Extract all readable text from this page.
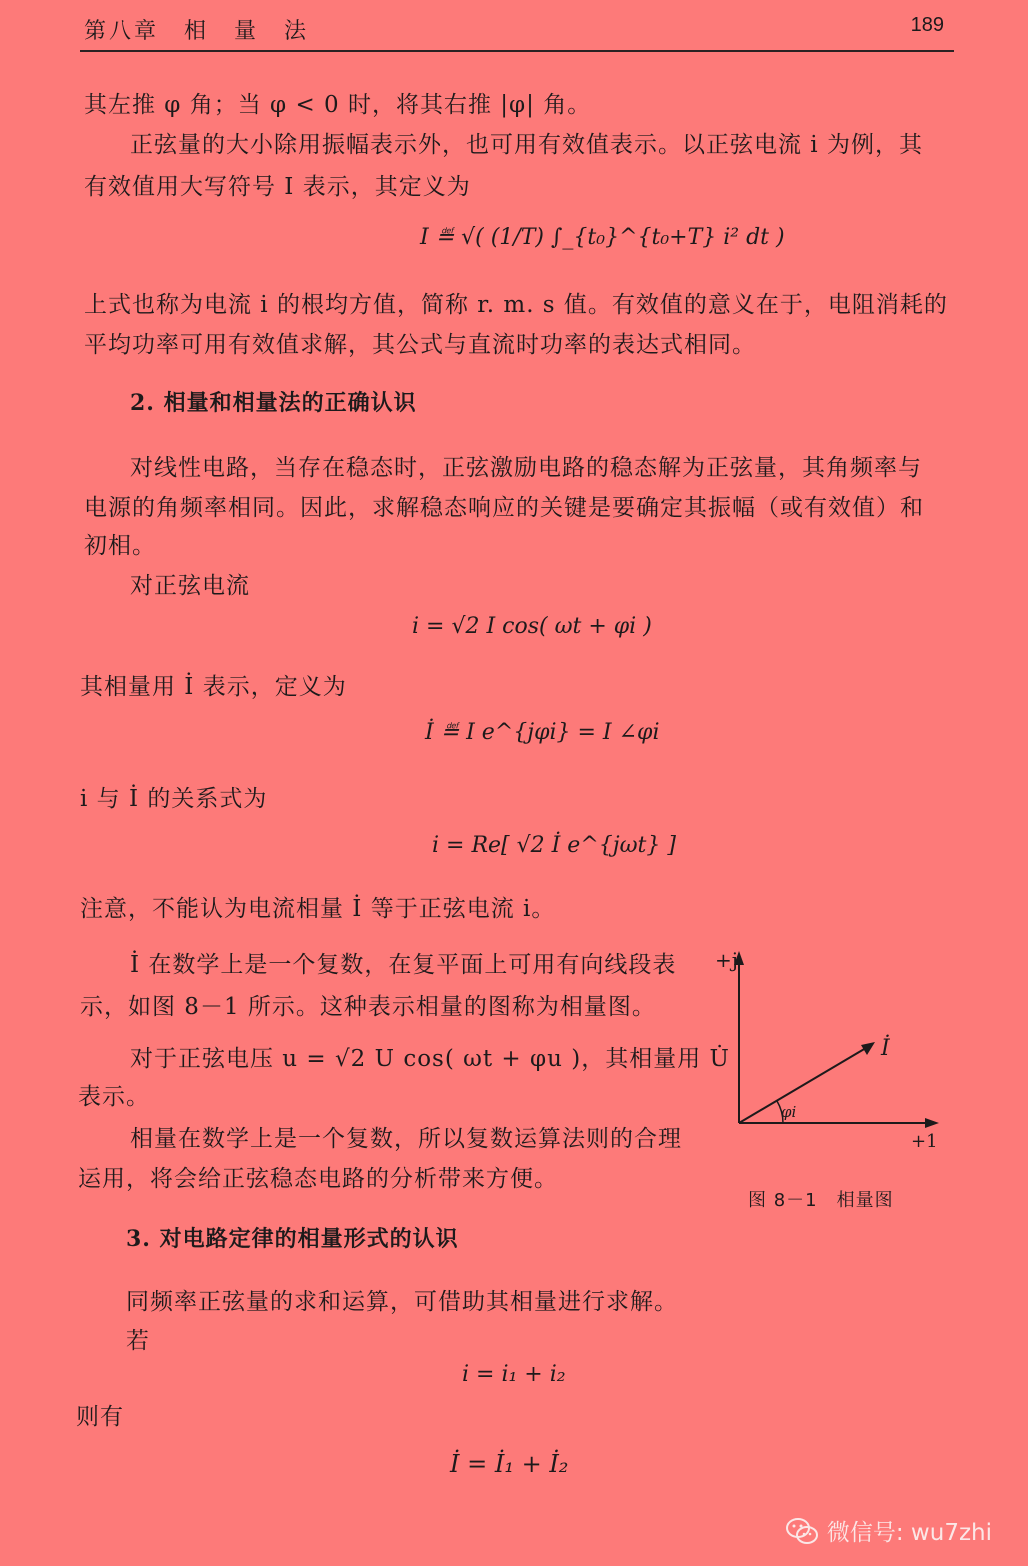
第八章　相　量　法	189
其左推 φ 角；当 φ < 0 时，将其右推 |φ| 角。
正弦量的大小除用振幅表示外，也可用有效值表示。以正弦电流 i 为例，其
有效值用大写符号 I 表示，其定义为
I ≝ √( (1/T) ∫_{t₀}^{t₀+T} i² dt )
上式也称为电流 i 的根均方值，简称 r. m. s 值。有效值的意义在于，电阻消耗的
平均功率可用有效值求解，其公式与直流时功率的表达式相同。
2. 相量和相量法的正确认识
对线性电路，当存在稳态时，正弦激励电路的稳态解为正弦量，其角频率与
电源的角频率相同。因此，求解稳态响应的关键是要确定其振幅（或有效值）和
初相。
对正弦电流
i = √2 I cos( ωt + φi )
其相量用 İ 表示，定义为
İ ≝ I e^{jφi} = I ∠φi
i 与 İ 的关系式为
i = Re[ √2 İ e^{jωt} ]
注意，不能认为电流相量 İ 等于正弦电流 i。
İ 在数学上是一个复数，在复平面上可用有向线段表
示，如图 8－1 所示。这种表示相量的图称为相量图。
对于正弦电压 u = √2 U cos( ωt + φu )，其相量用 U̇
表示。
相量在数学上是一个复数，所以复数运算法则的合理
运用，将会给正弦稳态电路的分析带来方便。
+j
+1
İ
φi
图 8－1　相量图
3. 对电路定律的相量形式的认识
同频率正弦量的求和运算，可借助其相量进行求解。
若
i = i₁ + i₂
则有
İ = İ₁ + İ₂
微信号: wu7zhi
